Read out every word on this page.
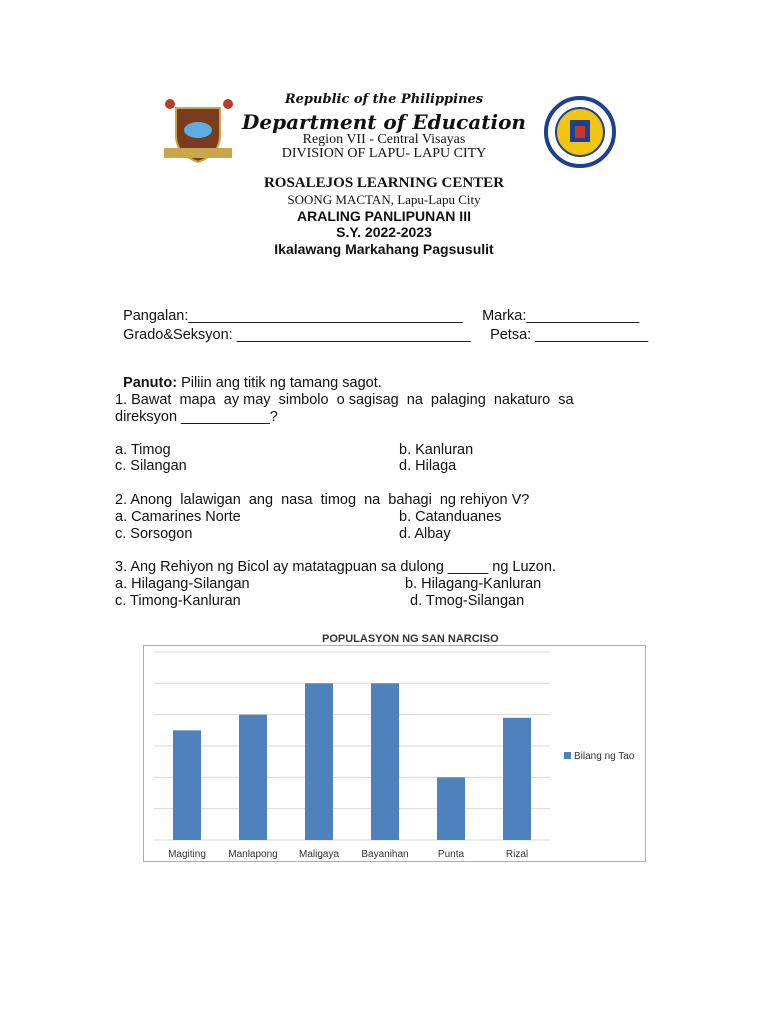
Republic of the Philippines
Department of Education
Region VII - Central Visayas
DIVISION OF LAPU- LAPU CITY
ROSALEJOS LEARNING CENTER
SOONG MACTAN, Lapu-Lapu City
ARALING PANLIPUNAN III
S.Y. 2022-2023
Ikalawang Markahang Pagsusulit

Pangalan:__________________________________	Marka:______________

Grado&Seksyon: _____________________________	Petsa: ______________

Panuto: Piliin ang titik ng tamang sagot.

1. Bawat  mapa  ay may  simbolo  o sagisag  na  palaging  nakaturo  sa
direksyon ___________?
a. Timog	b. Kanluran
c. Silangan	d. Hilaga
2. Anong  lalawigan  ang  nasa  timog  na  bahagi  ng rehiyon V?
a. Camarines Norte	b. Catanduanes
c. Sorsogon	d. Albay
3. Ang Rehiyon ng Bicol ay matatagpuan sa dulong _____ ng Luzon.
a. Hilagang-Silangan	b. Hilagang-Kanluran
c. Timong-Kanluran	d. Tmog-Silangan
POPULASYON NG SAN NARCISO
Magiting Manlapong Maligaya Bayanihan	Punta	Rizal
Bilang ng Tao
